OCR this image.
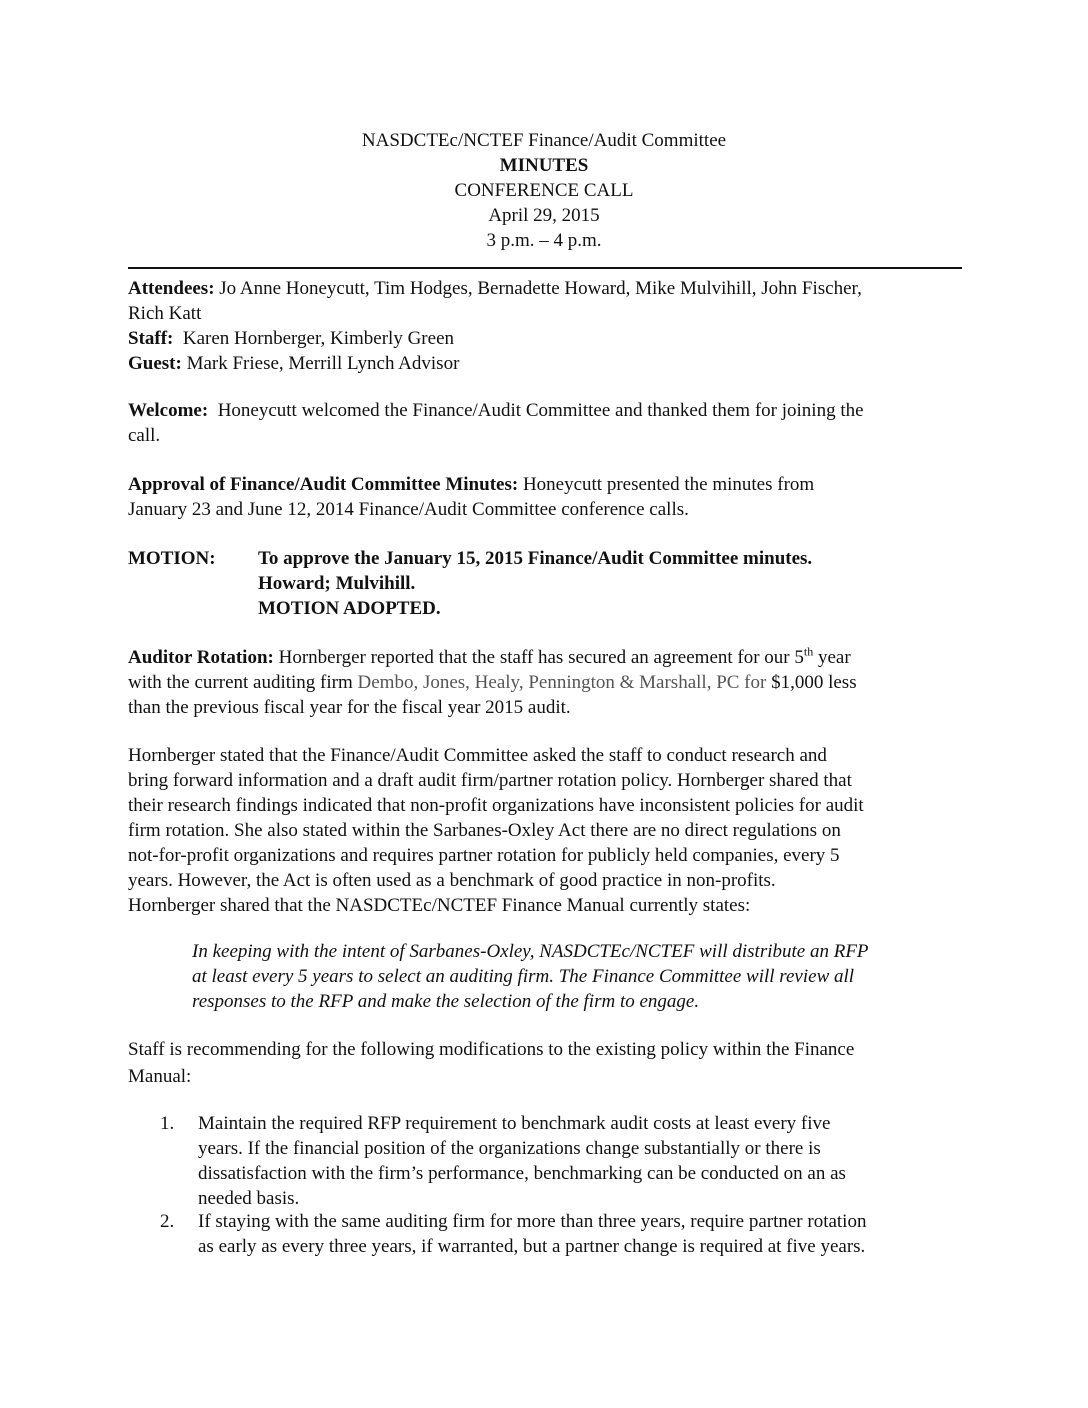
NASDCTEc/NCTEF Finance/Audit Committee
MINUTES
CONFERENCE CALL
April 29, 2015
3 p.m. – 4 p.m.
Attendees: Jo Anne Honeycutt, Tim Hodges, Bernadette Howard, Mike Mulvihill, John Fischer,
Rich Katt
Staff: Karen Hornberger, Kimberly Green
Guest: Mark Friese, Merrill Lynch Advisor
Welcome: Honeycutt welcomed the Finance/Audit Committee and thanked them for joining the
call.
Approval of Finance/Audit Committee Minutes: Honeycutt presented the minutes from
January 23 and June 12, 2014 Finance/Audit Committee conference calls.
MOTION: To approve the January 15, 2015 Finance/Audit Committee minutes.
Howard; Mulvihill.
MOTION ADOPTED.
Auditor Rotation: Hornberger reported that the staff has secured an agreement for our 5th year
with the current auditing firm Dembo, Jones, Healy, Pennington & Marshall, PC for $1,000 less
than the previous fiscal year for the fiscal year 2015 audit.
Hornberger stated that the Finance/Audit Committee asked the staff to conduct research and
bring forward information and a draft audit firm/partner rotation policy. Hornberger shared that
their research findings indicated that non-profit organizations have inconsistent policies for audit
firm rotation. She also stated within the Sarbanes-Oxley Act there are no direct regulations on
not-for-profit organizations and requires partner rotation for publicly held companies, every 5
years. However, the Act is often used as a benchmark of good practice in non-profits.
Hornberger shared that the NASDCTEc/NCTEF Finance Manual currently states:
In keeping with the intent of Sarbanes-Oxley, NASDCTEc/NCTEF will distribute an RFP
at least every 5 years to select an auditing firm. The Finance Committee will review all
responses to the RFP and make the selection of the firm to engage.
Staff is recommending for the following modifications to the existing policy within the Finance
Manual:
1. Maintain the required RFP requirement to benchmark audit costs at least every five
years. If the financial position of the organizations change substantially or there is
dissatisfaction with the firm’s performance, benchmarking can be conducted on an as
needed basis.
2. If staying with the same auditing firm for more than three years, require partner rotation
as early as every three years, if warranted, but a partner change is required at five years.
